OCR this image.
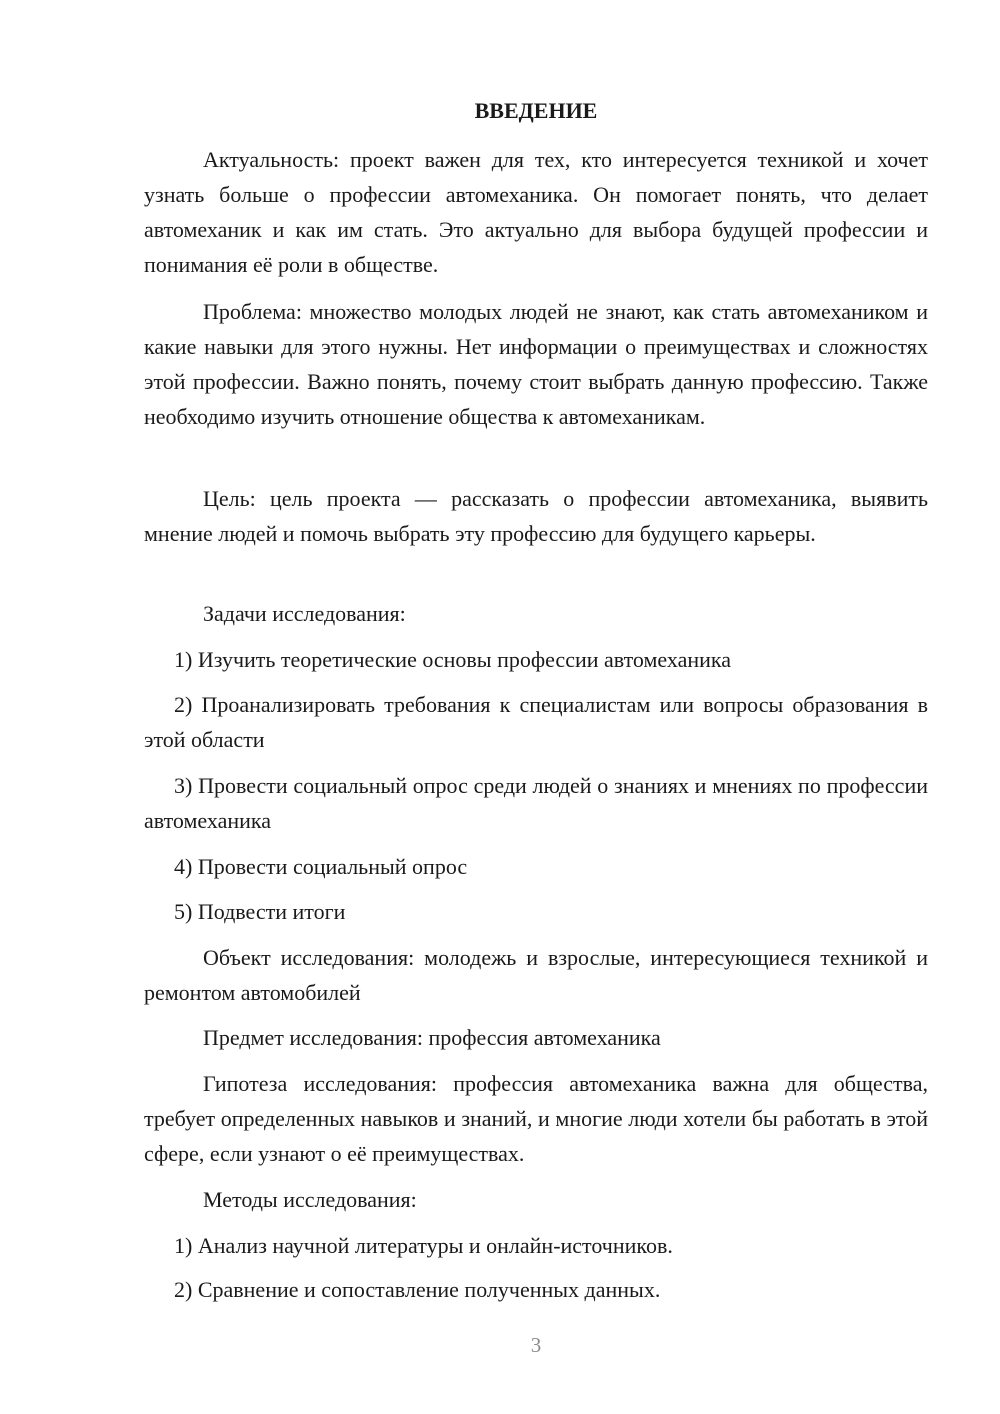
ВВЕДЕНИЕ

Актуальность: проект важен для тех, кто интересуется техникой и хочет узнать больше о профессии автомеханика. Он помогает понять, что делает автомеханик и как им стать. Это актуально для выбора будущей профессии и понимания её роли в обществе.

Проблема: множество молодых людей не знают, как стать автомехаником и какие навыки для этого нужны. Нет информации о преимуществах и сложностях этой профессии. Важно понять, почему стоит выбрать данную профессию. Также необходимо изучить отношение общества к автомеханикам.

Цель: цель проекта — рассказать о профессии автомеханика, выявить мнение людей и помочь выбрать эту профессию для будущего карьеры.

Задачи исследования:

1) Изучить теоретические основы профессии автомеханика

2) Проанализировать требования к специалистам или вопросы образования в этой области

3) Провести социальный опрос среди людей о знаниях и мнениях по профессии автомеханика

4) Провести социальный опрос

5) Подвести итоги

Объект исследования: молодежь и взрослые, интересующиеся техникой и ремонтом автомобилей

Предмет исследования: профессия автомеханика

Гипотеза исследования: профессия автомеханика важна для общества, требует определенных навыков и знаний, и многие люди хотели бы работать в этой сфере, если узнают о её преимуществах.

Методы исследования:

1) Анализ научной литературы и онлайн-источников.

2) Сравнение и сопоставление полученных данных.

3
